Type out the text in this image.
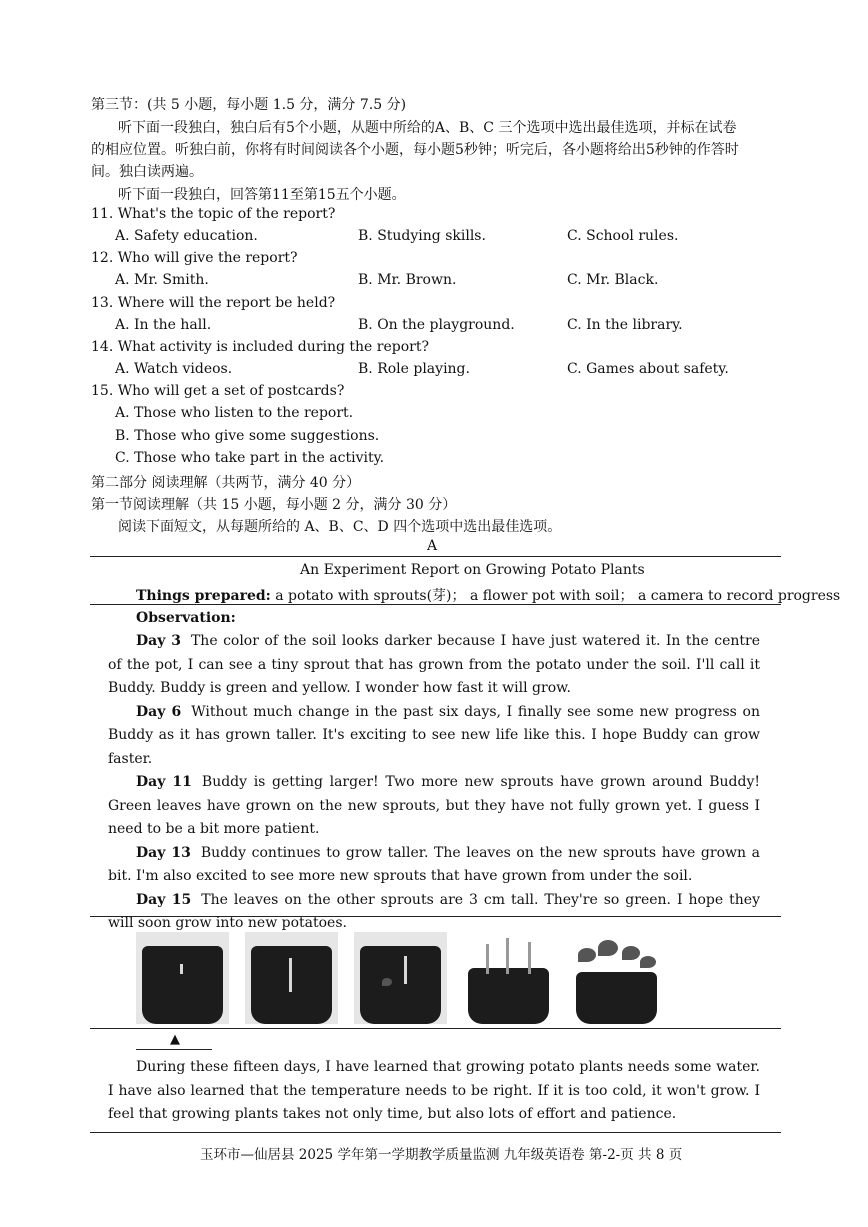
第三节：(共 5 小题，每小题 1.5 分，满分 7.5 分)
听下面一段独白，独白后有5个小题，从题中所给的A、B、C 三个选项中选出最佳选项，并标在试卷
的相应位置。听独白前，你将有时间阅读各个小题，每小题5秒钟；听完后，各小题将给出5秒钟的作答时
间。独白读两遍。
听下面一段独白，回答第11至第15五个小题。
11. What's the topic of the report?
A. Safety education.	B. Studying skills.	C. School rules.
12. Who will give the report?
A. Mr. Smith.	B. Mr. Brown.	C. Mr. Black.
13. Where will the report be held?
A. In the hall.	B. On the playground.	C. In the library.
14. What activity is included during the report?
A. Watch videos.	B. Role playing.	C. Games about safety.
15. Who will get a set of postcards?
A. Those who listen to the report.
B. Those who give some suggestions.
C. Those who take part in the activity.
第二部分 阅读理解（共两节，满分 40 分）
第一节阅读理解（共 15 小题，每小题 2 分，满分 30 分）
阅读下面短文，从每题所给的 A、B、C、D 四个选项中选出最佳选项。
A
An Experiment Report on Growing Potato Plants
Things prepared: a potato with sprouts(芽)； a flower pot with soil； a camera to record progress
Observation:

Day 3 The color of the soil looks darker because I have just watered it. In the centre of the pot, I can see a tiny sprout that has grown from the potato under the soil. I'll call it Buddy. Buddy is green and yellow. I wonder how fast it will grow.

Day 6 Without much change in the past six days, I finally see some new progress on Buddy as it has grown taller. It's exciting to see new life like this. I hope Buddy can grow faster.

Day 11 Buddy is getting larger! Two more new sprouts have grown around Buddy! Green leaves have grown on the new sprouts, but they have not fully grown yet. I guess I need to be a bit more patient.

Day 13 Buddy continues to grow taller. The leaves on the new sprouts have grown a bit. I'm also excited to see more new sprouts that have grown from under the soil.

Day 15 The leaves on the other sprouts are 3 cm tall. They're so green. I hope they will soon grow into new potatoes.

▲

During these fifteen days, I have learned that growing potato plants needs some water. I have also learned that the temperature needs to be right. If it is too cold, it won't grow. I feel that growing plants takes not only time, but also lots of effort and patience.

玉环市—仙居县 2025 学年第一学期教学质量监测 九年级英语卷 第-2-页 共 8 页
